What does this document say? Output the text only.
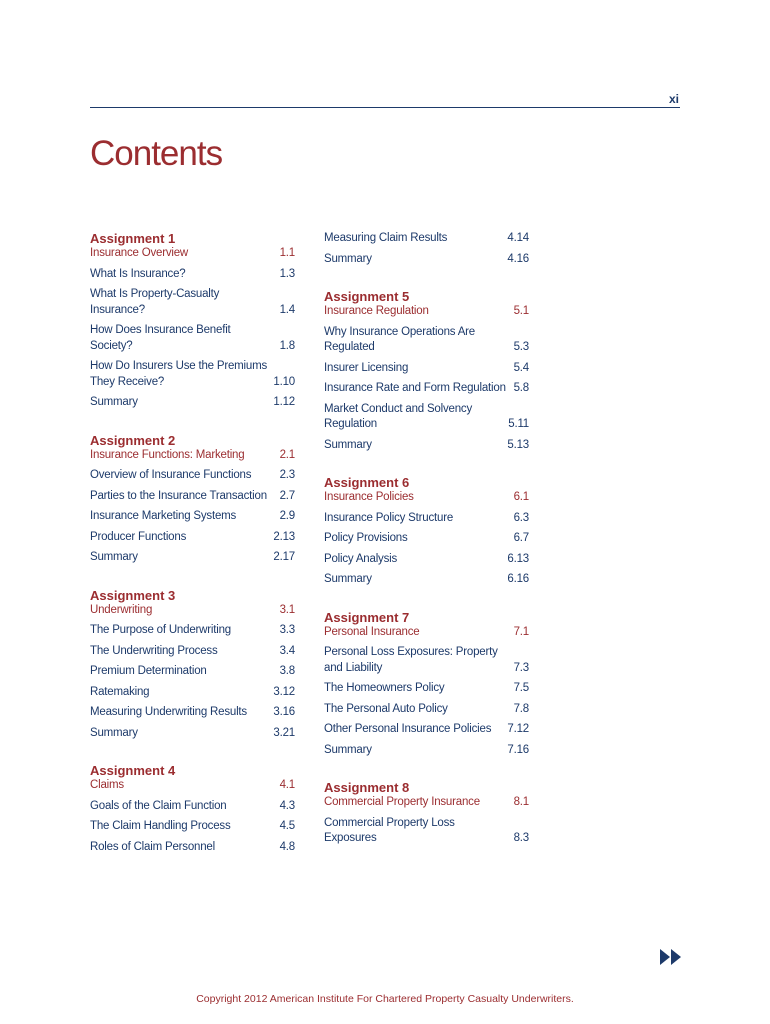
xi
Contents
Assignment 1
Insurance Overview	1.1
What Is Insurance?	1.3
What Is Property-Casualty Insurance?	1.4
How Does Insurance Benefit Society?	1.8
How Do Insurers Use the Premiums They Receive?	1.10
Summary	1.12
Assignment 2
Insurance Functions: Marketing	2.1
Overview of Insurance Functions	2.3
Parties to the Insurance Transaction	2.7
Insurance Marketing Systems	2.9
Producer Functions	2.13
Summary	2.17
Assignment 3
Underwriting	3.1
The Purpose of Underwriting	3.3
The Underwriting Process	3.4
Premium Determination	3.8
Ratemaking	3.12
Measuring Underwriting Results	3.16
Summary	3.21
Assignment 4
Claims	4.1
Goals of the Claim Function	4.3
The Claim Handling Process	4.5
Roles of Claim Personnel	4.8
Measuring Claim Results	4.14
Summary	4.16
Assignment 5
Insurance Regulation	5.1
Why Insurance Operations Are Regulated	5.3
Insurer Licensing	5.4
Insurance Rate and Form Regulation 5.8
Market Conduct and Solvency Regulation	5.11
Summary	5.13
Assignment 6
Insurance Policies	6.1
Insurance Policy Structure	6.3
Policy Provisions	6.7
Policy Analysis	6.13
Summary	6.16
Assignment 7
Personal Insurance	7.1
Personal Loss Exposures: Property and Liability	7.3
The Homeowners Policy	7.5
The Personal Auto Policy	7.8
Other Personal Insurance Policies	7.12
Summary	7.16
Assignment 8
Commercial Property Insurance	8.1
Commercial Property Loss Exposures	8.3
Copyright 2012 American Institute For Chartered Property Casualty Underwriters.
